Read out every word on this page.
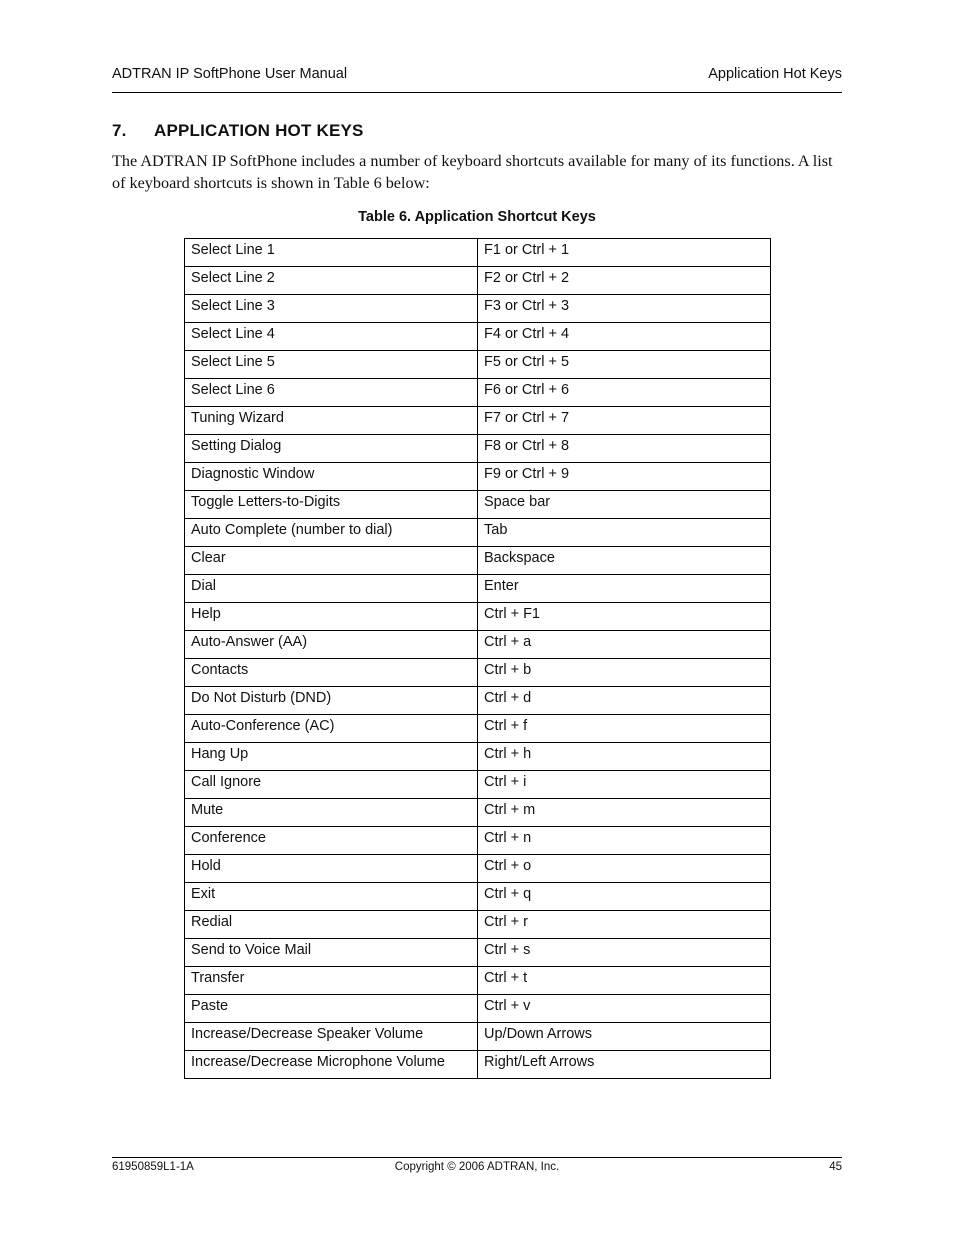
ADTRAN IP SoftPhone User Manual	Application Hot Keys
7. APPLICATION HOT KEYS

The ADTRAN IP SoftPhone includes a number of keyboard shortcuts available for many of its functions. A list of keyboard shortcuts is shown in Table 6 below:

Table 6. Application Shortcut Keys
Select Line 1	F1 or Ctrl + 1
Select Line 2	F2 or Ctrl + 2
Select Line 3	F3 or Ctrl + 3
Select Line 4	F4 or Ctrl + 4
Select Line 5	F5 or Ctrl + 5
Select Line 6	F6 or Ctrl + 6
Tuning Wizard	F7 or Ctrl + 7
Setting Dialog	F8 or Ctrl + 8
Diagnostic Window	F9 or Ctrl + 9
Toggle Letters-to-Digits	Space bar
Auto Complete (number to dial)	Tab
Clear	Backspace
Dial	Enter
Help	Ctrl + F1
Auto-Answer (AA)	Ctrl + a
Contacts	Ctrl + b
Do Not Disturb (DND)	Ctrl + d
Auto-Conference (AC)	Ctrl + f
Hang Up	Ctrl + h
Call Ignore	Ctrl + i
Mute	Ctrl + m
Conference	Ctrl + n
Hold	Ctrl + o
Exit	Ctrl + q
Redial	Ctrl + r
Send to Voice Mail	Ctrl + s
Transfer	Ctrl + t
Paste	Ctrl + v
Increase/Decrease Speaker Volume	Up/Down Arrows
Increase/Decrease Microphone Volume	Right/Left Arrows
61950859L1-1A	Copyright © 2006 ADTRAN, Inc.	45
